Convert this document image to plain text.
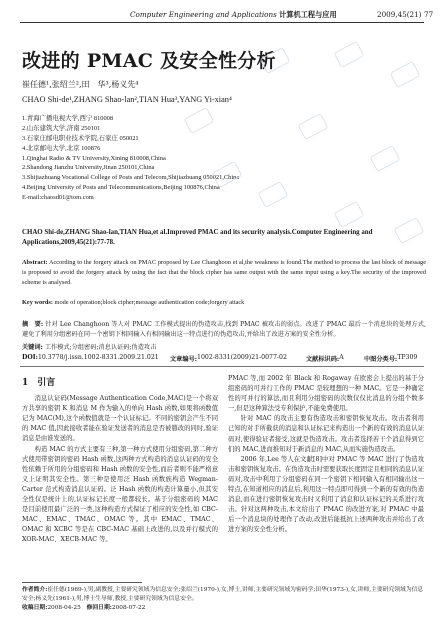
Computer Engineering and Applications 计算机工程与应用	2009,45(21) 77
改进的 PMAC 及安全性分析
崔任德¹,张绍兰²,田　华³,杨义先⁴
CHAO Shi-de¹,ZHANG Shao-lan²,TIAN Hua³,YANG Yi-xian⁴
1.青海广播电视大学,西宁 810008
2.山东建筑大学,济南 250101
3.石家庄邮电职业技术学院,石家庄 050021
4.北京邮电大学,北京 100876
1.Qinghai Radio & TV University,Xining 810008,China
2.Shandong Jianzhu University,Jinan 250101,China
3.Shijiazhuang Vocational College of Posts and Telecom,Shijiazhuang 050021,China
4.Beijing University of Posts and Telecommunications,Beijing 100876,China
E-mail:chaosd01@tom.com
CHAO Shi-de,ZHANG Shao-lan,TIAN Hua,et al.Improved PMAC and its security analysis.Computer Engineering and Applications,2009,45(21):77-78.
Abstract: According to the forgery attack on PMAC proposed by Lee Changhoon et al,the weakness is found.The method to process the last block of message is proposed to avoid the forgery attack by using the fact that the block cipher has same output with the same input using a key.The security of the improved scheme is analysed.
Key words: mode of operation;block cipher;message authentication code;forgery attack
摘　要: 针对 Lee Changhoon 等人对 PMAC 工作模式提出的伪造攻击,找到 PMAC 被攻击的弱点。改进了 PMAC 最后一个消息块的处理方式,避免了利用分组密码在同一个密钥下相同输入有相同输出这一特点进行的伪造攻击,并给出了改进方案的安全性分析。
关键词: 工作模式;分组密码;消息认证码;伪造攻击
DOI: 10.3778/j.issn.1002-8331.2009.21.021 文章编号: 1002-8331(2009)21-0077-02	文献标识码: A	中图分类号: TP309
1　引言

消息认证码(Message Authentication Code,MAC)是一个将双方共享的密钥 K 和消息 M 作为输入的单向 Hash 函数,如果将函数值记为 MAC(M),这个函数值就是一个认证标记。不同的密钥会产生不同的 MAC 值,因此接收者能在验证发送者的消息是否被篡改的同时,验证消息是由谁发送的。

构造 MAC 的方式主要有三种,第一种方式使用分组密码,第二种方式使用带密钥的密码 Hash 函数,这两种方式构造的消息认证码的安全性依赖于所用的分组密码和 Hash 函数的安全性,而后者则不能严格意义上证明其安全性。第三种是使用泛 Hash 函数族构造 Wegman-Carter 范式构造消息认证码。泛 Hash 函数的构造计算量小,但其安全性仅是统计上的,认证标记长度一般都较长。基于分组密码的 MAC 是目前使用最广泛的一类,这种构造方式保证了相应的安全性,如 CBC-MAC、EMAC、TMAC、OMAC 等。其中 EMAC、TMAC、OMAC 和 XCBC 等是在 CBC-MAC 基础上改进的,以及并行模式的 XOR-MAC、XECB-MAC 等。

PMAC 等,而 2002 年 Black 和 Rogaway 在欧密会上提出的基于分组密码的可并行工作的 PMAC 是较理想的一种 MAC。它是一种确定性的可并行的算法,而且利用分组密码的次数仅仅比消息的分组个数多一,但是这种算法受专利保护,不能免费使用。

针对 MAC 的攻击主要有伪造攻击和密钥恢复攻击。攻击者利用已知的对手所截获的消息和认证标记来构造出一个新的有效的消息认证码对,使得验证者接受,这就是伪造攻击。攻击者选择若干个消息得到它们的 MAC,进而推知对于新消息的 MAC,从而实施伪造攻击。

2006 年,Lee 等人在文献[8]中对 PMAC 等 MAC 进行了伪造攻击和密钥恢复攻击。在伪造攻击时需要获取长度固定且相同的消息认证码对,攻击中利用了分组密码在同一个密钥下相同输入有相同输出这一特点,在知道相应的消息后,利用这一特点即可得到一个新的有效的伪造消息,而在进行密钥恢复攻击时又利用了消息和认证标记的关系进行攻击。针对这两种攻击,本文给出了 PMAC 的改进方案,对 PMAC 中最后一个消息块的处理作了改动,改进后能抵抗上述两种攻击并给出了改进方案的安全性分析。

作者简介:崔任德(1969-),男,副教授,主要研究领域为信息安全;张绍兰(1970-),女,博士,讲师,主要研究领域为密码学;田华(1973-),女,讲师,主要研究领域为信息安全;杨义先(1961-),男,博士生导师,教授,主要研究领域为信息安全。
收稿日期:2008-04-25　 修回日期:2008-07-22
